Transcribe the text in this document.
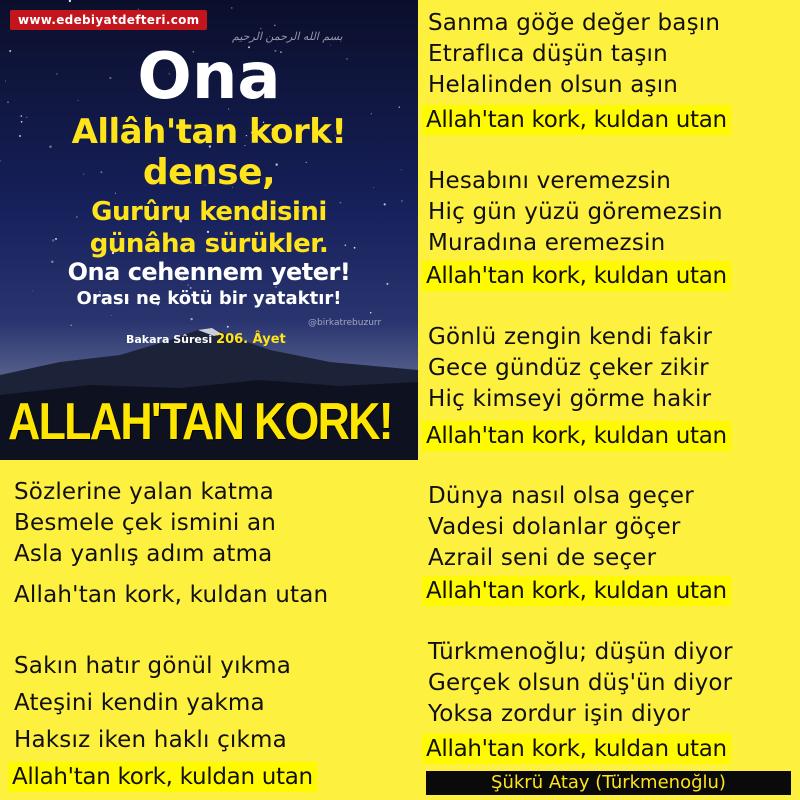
www.edebiyatdefteri.com
بسم الله الرحمن الرحيم
Ona
Allâh'tan kork!
dense,
Gurûru kendisini
günâha sürükler.
Ona cehennem yeter!
Orası ne kötü bir yataktır!
Bakara Sûresi 206. Âyet
@birkatrebuzurr
ALLAH'TAN KORK!
Sanma göğe değer başın
Etraflıca düşün taşın
Helalinden olsun aşın
Allah'tan kork, kuldan utan
Hesabını veremezsin
Hiç gün yüzü göremezsin
Muradına eremezsin
Allah'tan kork, kuldan utan
Gönlü zengin kendi fakir
Gece gündüz çeker zikir
Hiç kimseyi görme hakir
Allah'tan kork, kuldan utan
Dünya nasıl olsa geçer
Vadesi dolanlar göçer
Azrail seni de seçer
Allah'tan kork, kuldan utan
Türkmenoğlu; düşün diyor
Gerçek olsun düş'ün diyor
Yoksa zordur işin diyor
Allah'tan kork, kuldan utan
Sözlerine yalan katma
Besmele çek ismini an
Asla yanlış adım atma
Allah'tan kork, kuldan utan
Sakın hatır gönül yıkma
Ateşini kendin yakma
Haksız iken haklı çıkma
Allah'tan kork, kuldan utan	Şükrü Atay (Türkmenoğlu)
